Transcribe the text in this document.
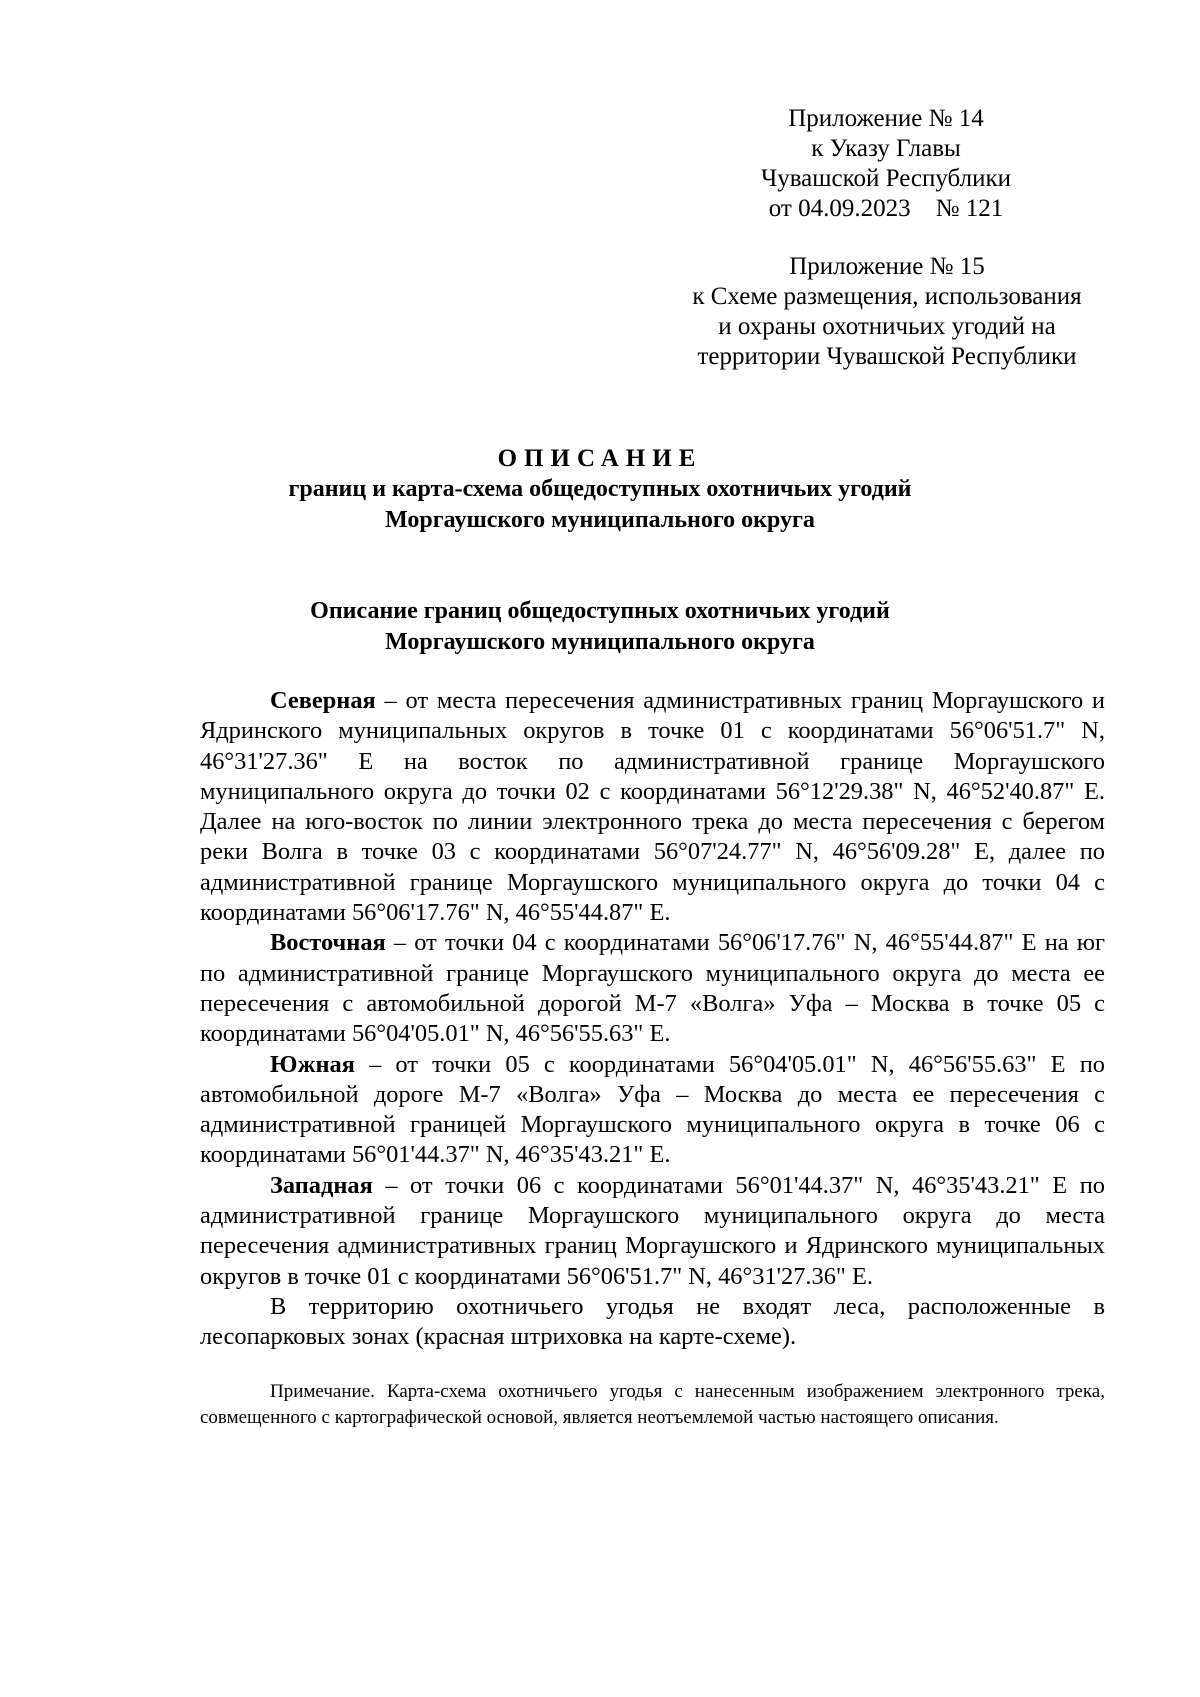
Приложение № 14
к Указу Главы
Чувашской Республики
от 04.09.2023    № 121
Приложение № 15
к Схеме размещения, использования
и охраны охотничьих угодий на
территории Чувашской Республики
ОПИСАНИЕ
границ и карта-схема общедоступных охотничьих угодий
Моргаушского муниципального округа
Описание границ общедоступных охотничьих угодий
Моргаушского муниципального округа

Северная – от места пересечения административных границ Моргаушского и Ядринского муниципальных округов в точке 01 с координатами 56°06'51.7" N, 46°31'27.36" E на восток по административной границе Моргаушского муниципального округа до точки 02 с координатами 56°12'29.38" N, 46°52'40.87" E. Далее на юго-восток по линии электронного трека до места пересечения с берегом реки Волга в точке 03 с координатами 56°07'24.77" N, 46°56'09.28" E, далее по административной границе Моргаушского муниципального округа до точки 04 с координатами 56°06'17.76" N, 46°55'44.87" E.

Восточная – от точки 04 с координатами 56°06'17.76" N, 46°55'44.87" E на юг по административной границе Моргаушского муниципального округа до места ее пересечения с автомобильной дорогой М-7 «Волга» Уфа – Москва в точке 05 с координатами 56°04'05.01" N, 46°56'55.63" E.

Южная – от точки 05 с координатами 56°04'05.01" N, 46°56'55.63" E по автомобильной дороге М-7 «Волга» Уфа – Москва до места ее пересечения с административной границей Моргаушского муниципального округа в точке 06 с координатами 56°01'44.37" N, 46°35'43.21" E.

Западная – от точки 06 с координатами 56°01'44.37" N, 46°35'43.21" E по административной границе Моргаушского муниципального округа до места пересечения административных границ Моргаушского и Ядринского муниципальных округов в точке 01 с координатами 56°06'51.7" N, 46°31'27.36" E.

В территорию охотничьего угодья не входят леса, расположенные в лесопарковых зонах (красная штриховка на карте-схеме).

Примечание. Карта-схема охотничьего угодья с нанесенным изображением электронного трека, совмещенного с картографической основой, является неотъемлемой частью настоящего описания.
